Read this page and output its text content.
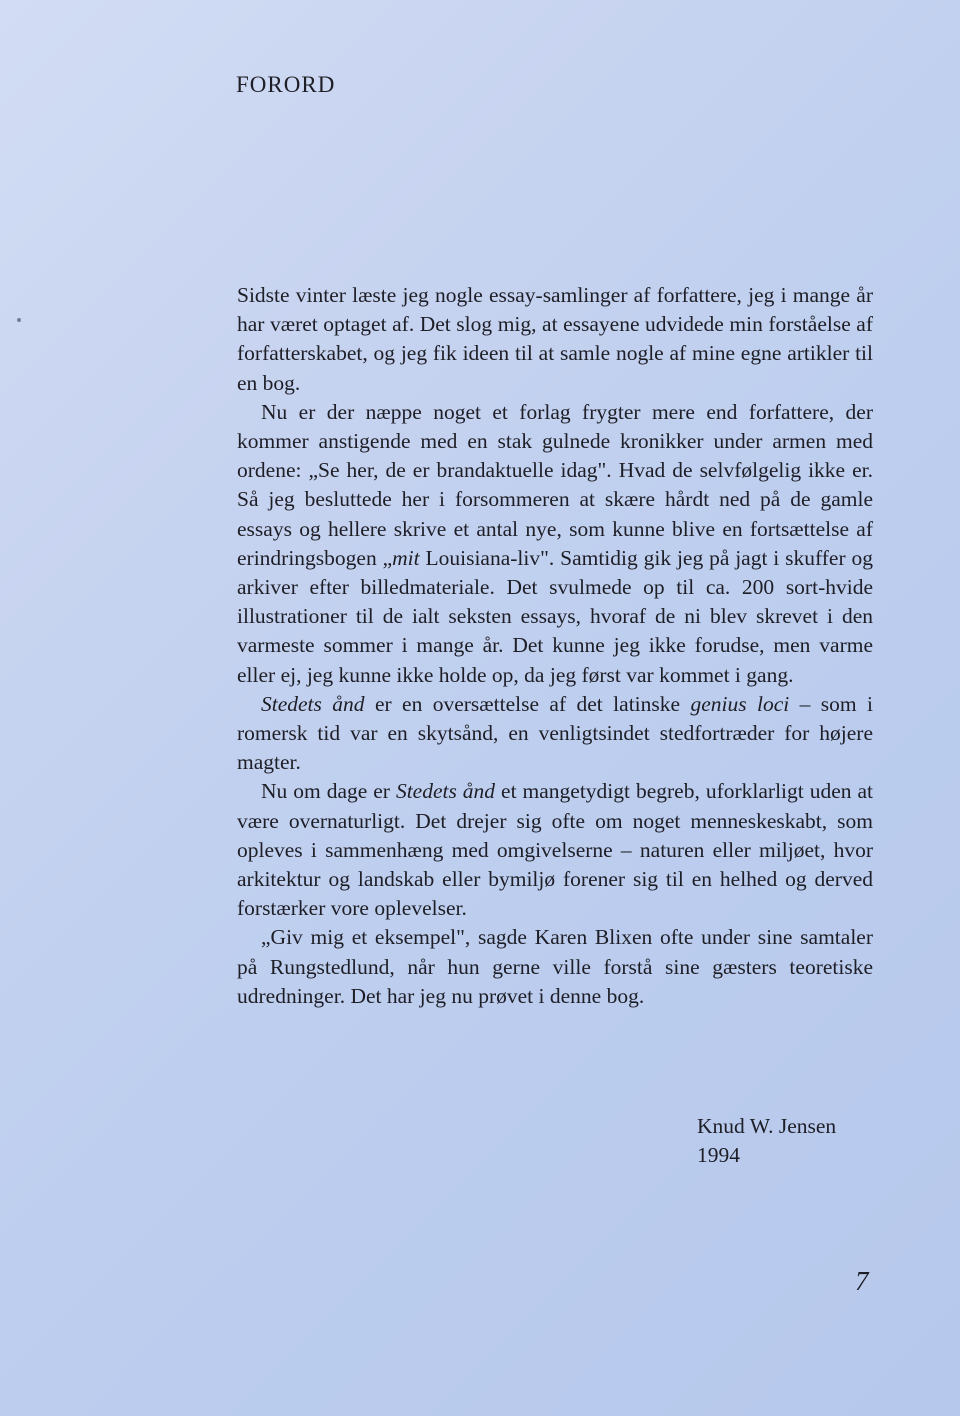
FORORD

Sidste vinter læste jeg nogle essay-samlinger af forfattere, jeg i mange år har været optaget af. Det slog mig, at essayene udvidede min forståelse af forfatterskabet, og jeg fik ideen til at samle nogle af mine egne artikler til en bog.

Nu er der næppe noget et forlag frygter mere end forfattere, der kommer anstigende med en stak gulnede kronikker under armen med ordene: „Se her, de er brandaktuelle idag". Hvad de selvfølgelig ikke er. Så jeg besluttede her i forsommeren at skære hårdt ned på de gamle essays og hellere skrive et antal nye, som kunne blive en fortsættelse af erindringsbogen „mit Louisiana-liv". Samtidig gik jeg på jagt i skuffer og arkiver efter billedmateriale. Det svulmede op til ca. 200 sort-hvide illustrationer til de ialt seksten essays, hvoraf de ni blev skrevet i den varmeste sommer i mange år. Det kunne jeg ikke forudse, men varme eller ej, jeg kunne ikke holde op, da jeg først var kommet i gang.

Stedets ånd er en oversættelse af det latinske genius loci – som i romersk tid var en skytsånd, en venligtsindet stedfortræder for højere magter.

Nu om dage er Stedets ånd et mangetydigt begreb, uforklarligt uden at være overnaturligt. Det drejer sig ofte om noget menneskeskabt, som opleves i sammenhæng med omgivelserne – naturen eller miljøet, hvor arkitektur og landskab eller bymiljø forener sig til en helhed og derved forstærker vore oplevelser.

„Giv mig et eksempel", sagde Karen Blixen ofte under sine samtaler på Rungstedlund, når hun gerne ville forstå sine gæsters teoretiske udredninger. Det har jeg nu prøvet i denne bog.

Knud W. Jensen
1994
7
